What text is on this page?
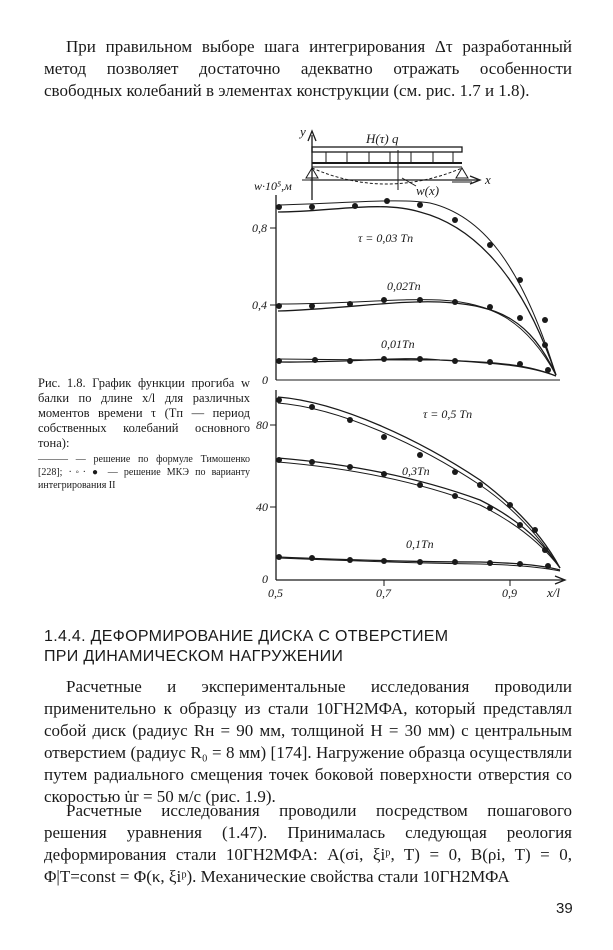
При правильном выборе шага интегрирования Δτ разработанный метод позволяет достаточно адекватно отражать особенности свободных колебаний в элементах конструкции (см. рис. 1.7 и 1.8).

y
x
H(τ) q
w(x)
w·10⁵,м
x/l
0,8
0,4
0
80
40
0
0,5	0,7	0,9
τ = 0,03 Tп
0,02Tп
0,01Tп
τ = 0,5 Tп
0,3Tп
0,1Tп

Рис. 1.8. График функции прогиба w балки по длине x/l для различных моментов времени τ (Tп — период собственных колебаний основного тона):

——— — решение по формуле Тимошенко [228]; ·◦· ● — решение МКЭ по варианту интегрирования II
1.4.4. ДЕФОРМИРОВАНИЕ ДИСКА С ОТВЕРСТИЕМ
ПРИ ДИНАМИЧЕСКОМ НАГРУЖЕНИИ

Расчетные и экспериментальные исследования проводили применительно к образцу из стали 10ГН2МФА, который представлял собой диск (радиус Rн = 90 мм, толщиной H = 30 мм) с центральным отверстием (радиус R₀ = 8 мм) [174]. Нагружение образца осуществляли путем радиального смещения точек боковой поверхности отверстия со скоростью u̇r = 50 м/с (рис. 1.9).

Расчетные исследования проводили посредством пошагового решения уравнения (1.47). Принималась следующая реология деформирования стали 10ГН2МФА: A(σi, ξiᵖ, T) = 0, B(ρi, T) = 0, Φ|T=const = Φ(κ, ξiᵖ). Механические свойства стали 10ГН2МФА

39
